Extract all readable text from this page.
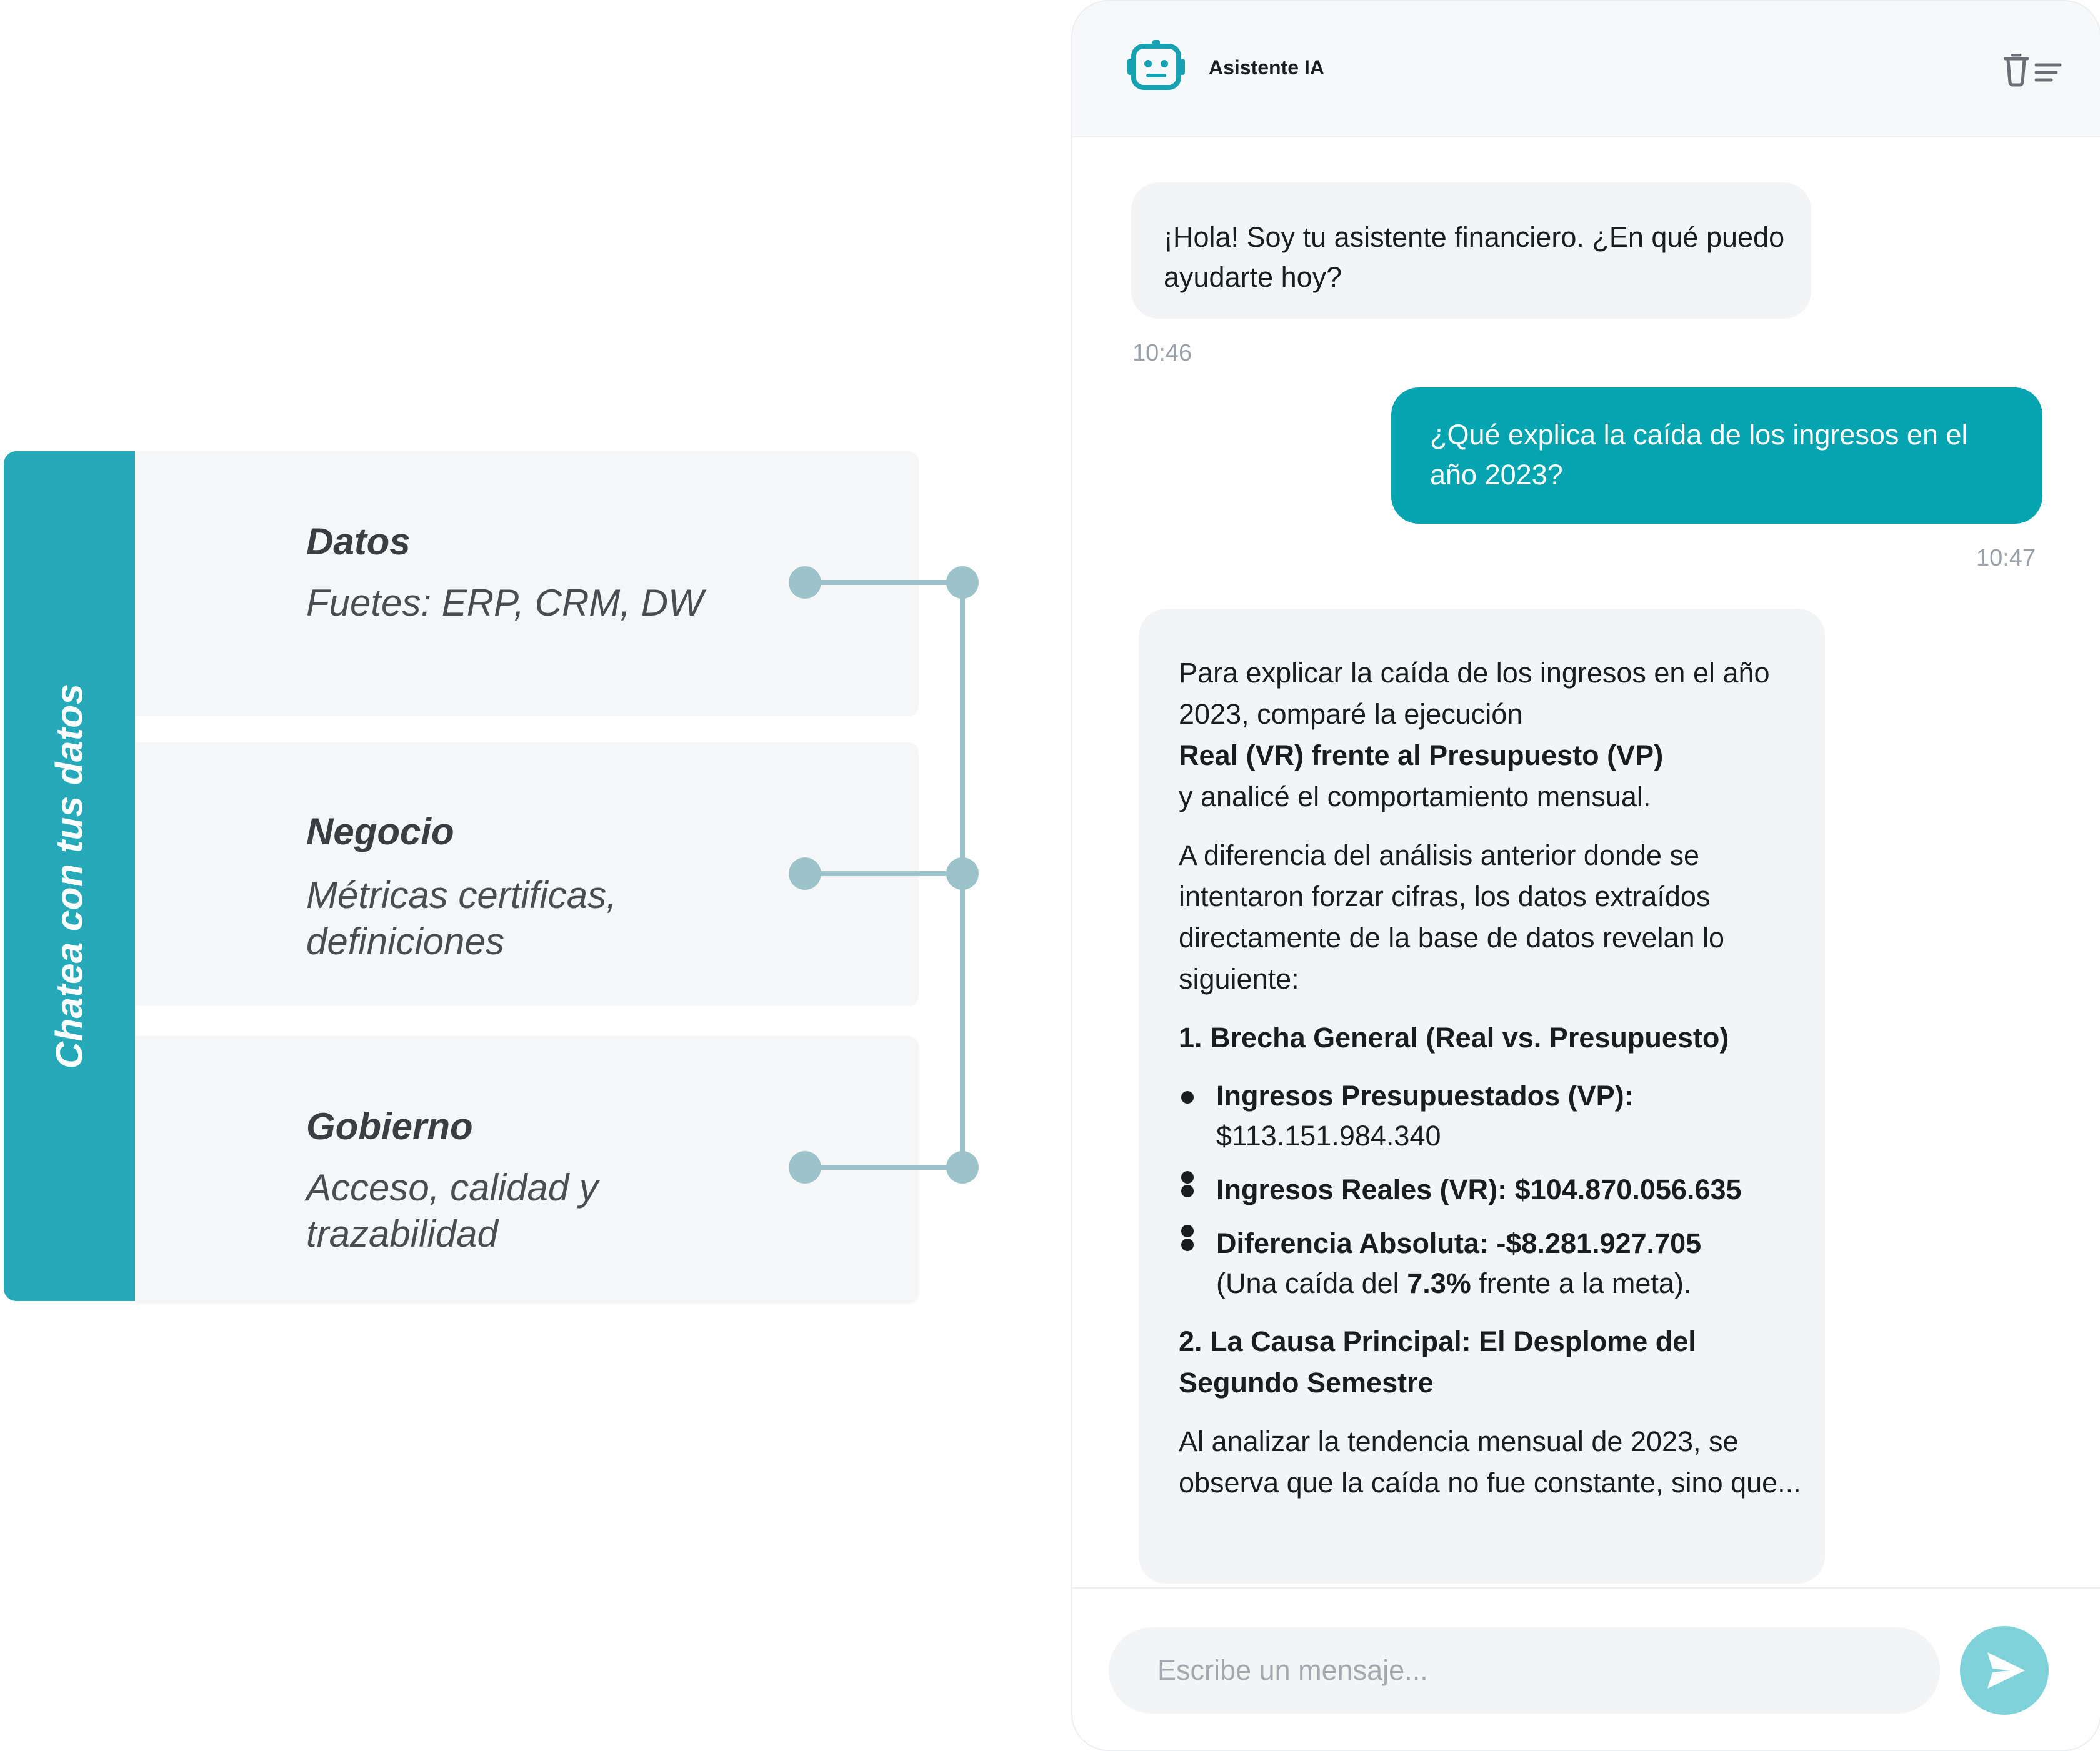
Chatea con tus datos
Datos
Fuetes: ERP, CRM, DW
Negocio
Métricas certificas, definiciones
Gobierno
Acceso, calidad y trazabilidad
Asistente IA
¡Hola! Soy tu asistente financiero. ¿En qué puedo ayudarte hoy?
10:46
¿Qué explica la caída de los ingresos en el año 2023?
10:47

Para explicar la caída de los ingresos en el año 2023, comparé la ejecución
Real (VR) frente al Presupuesto (VP)
y analicé el comportamiento mensual.

A diferencia del análisis anterior donde se intentaron forzar cifras, los datos extraídos directamente de la base de datos revelan lo siguiente:

1. Brecha General (Real vs. Presupuesto)

Ingresos Presupuestados (VP):
$113.151.984.340
Ingresos Reales (VR): $104.870.056.635
Diferencia Absoluta: -$8.281.927.705
(Una caída del 7.3% frente a la meta).

2. La Causa Principal: El Desplome del Segundo Semestre

Al analizar la tendencia mensual de 2023, se observa que la caída no fue constante, sino que...

Escribe un mensaje...
